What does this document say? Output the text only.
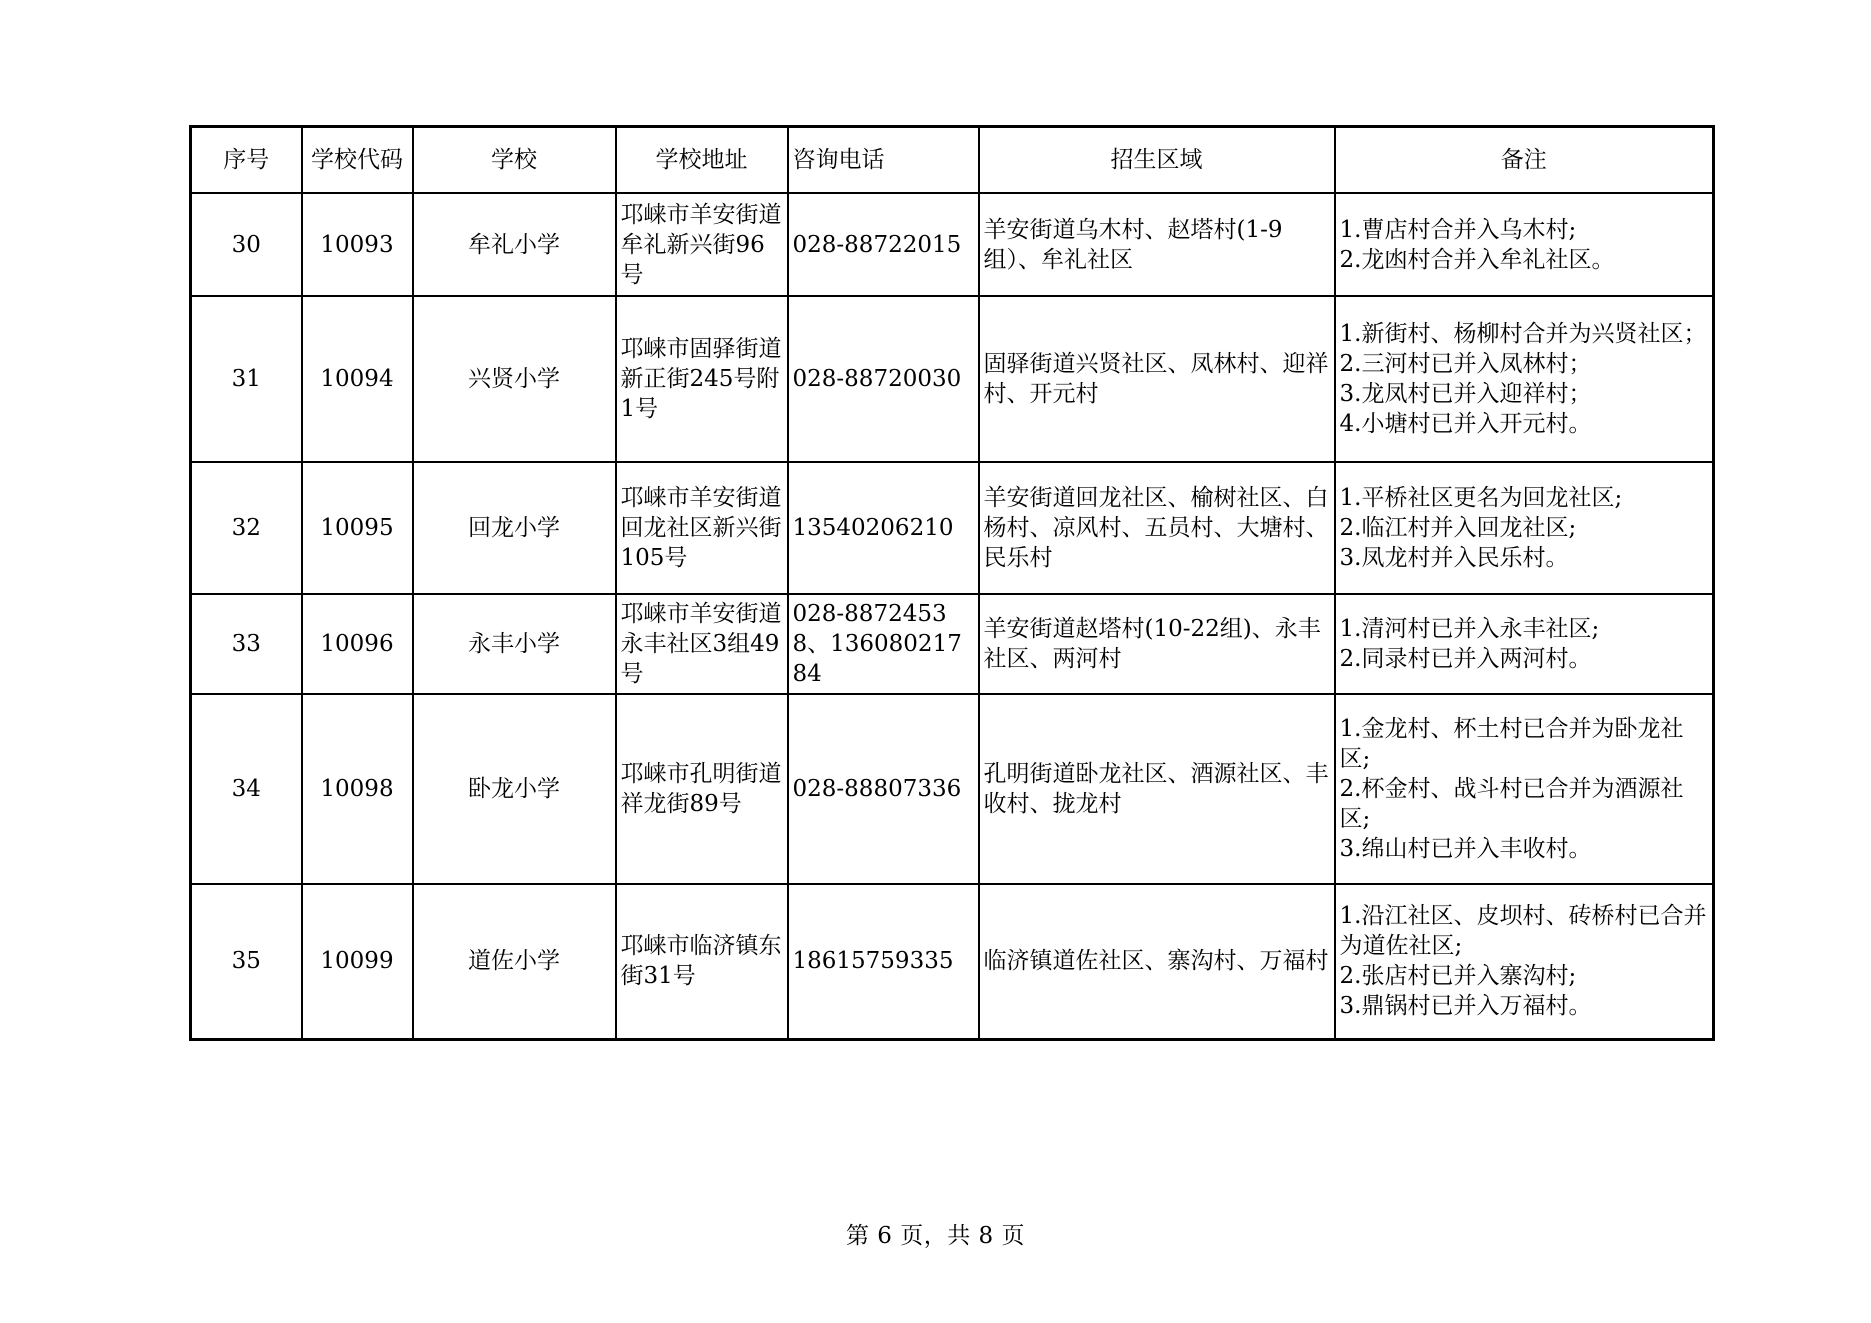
序号	学校代码	学校	学校地址	咨询电话	招生区域	备注
30	10093	牟礼小学	邛崃市羊安街道牟礼新兴街96号	028-88722015	羊安街道乌木村、赵塔村(1-9组）、牟礼社区	1.曹店村合并入乌木村;
2.龙凼村合并入牟礼社区。

31	10094	兴贤小学	邛崃市固驿街道新正街245号附1号	028-88720030	固驿街道兴贤社区、凤林村、迎祥村、开元村	1.新街村、杨柳村合并为兴贤社区；2.三河村已并入凤林村；
3.龙凤村已并入迎祥村；
4.小塘村已并入开元村。

32	10095	回龙小学	邛崃市羊安街道回龙社区新兴街105号	13540206210	羊安街道回龙社区、榆树社区、白杨村、凉风村、五员村、大塘村、民乐村	1.平桥社区更名为回龙社区;
2.临江村并入回龙社区;
3.凤龙村并入民乐村。

33	10096	永丰小学	邛崃市羊安街道永丰社区3组49号	028-88724538、13608021784	羊安街道赵塔村(10-22组)、永丰社区、两河村	1.清河村已并入永丰社区;
2.同录村已并入两河村。

34	10098	卧龙小学	邛崃市孔明街道祥龙街89号	028-88807336	孔明街道卧龙社区、酒源社区、丰收村、拢龙村	1.金龙村、杯土村已合并为卧龙社区;
2.杯金村、战斗村已合并为酒源社区;
3.绵山村已并入丰收村。

35	10099	道佐小学	邛崃市临济镇东街31号	18615759335	临济镇道佐社区、寨沟村、万福村	1.沿江社区、皮坝村、砖桥村已合并为道佐社区;
2.张店村已并入寨沟村;
3.鼎锅村已并入万福村。
第 6 页，共 8 页
